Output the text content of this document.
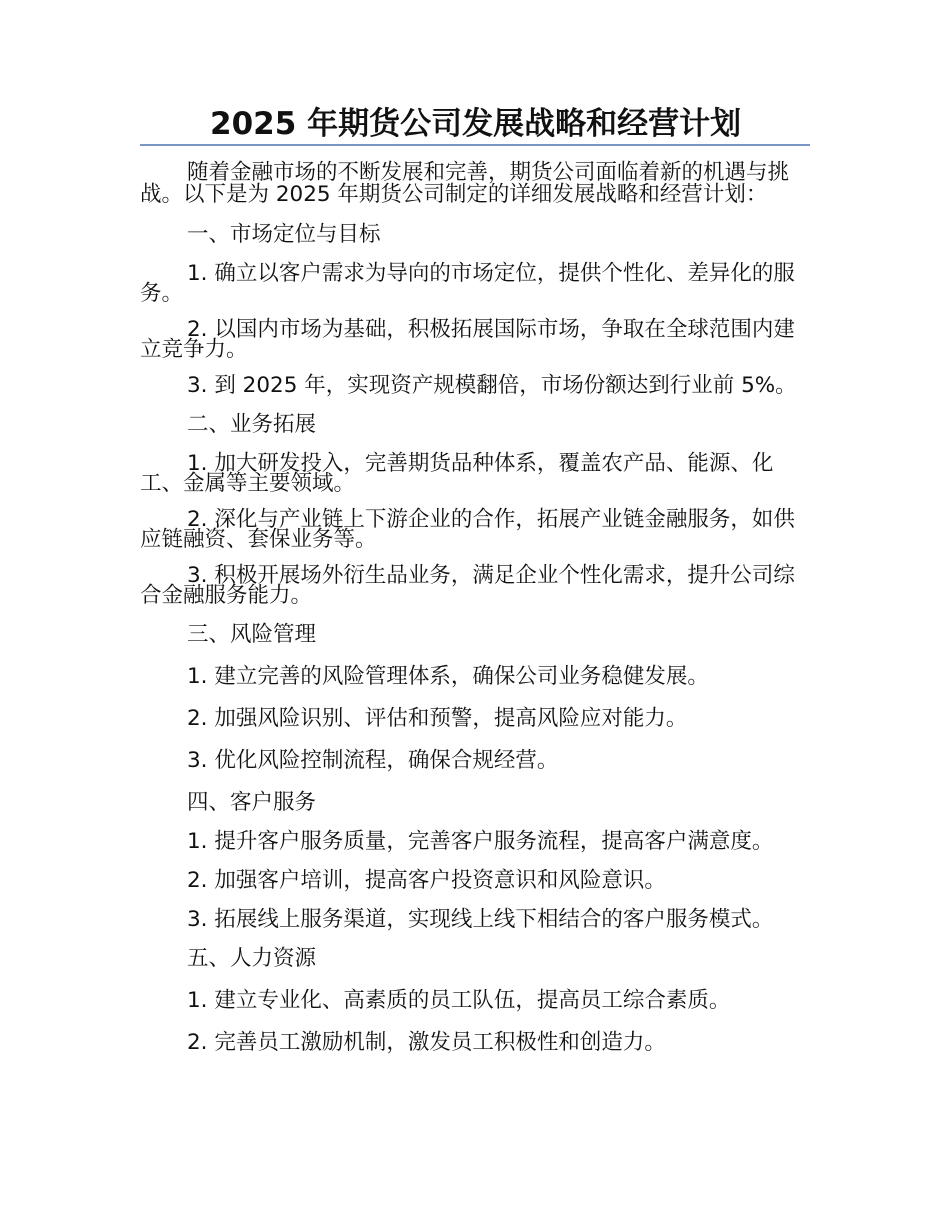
2025 年期货公司发展战略和经营计划

随着金融市场的不断发展和完善，期货公司面临着新的机遇与挑战。以下是为 2025 年期货公司制定的详细发展战略和经营计划：

一、市场定位与目标

1. 确立以客户需求为导向的市场定位，提供个性化、差异化的服务。

2. 以国内市场为基础，积极拓展国际市场，争取在全球范围内建立竞争力。

3. 到 2025 年，实现资产规模翻倍，市场份额达到行业前 5%。

二、业务拓展

1. 加大研发投入，完善期货品种体系，覆盖农产品、能源、化工、金属等主要领域。

2. 深化与产业链上下游企业的合作，拓展产业链金融服务，如供应链融资、套保业务等。

3. 积极开展场外衍生品业务，满足企业个性化需求，提升公司综合金融服务能力。

三、风险管理

1. 建立完善的风险管理体系，确保公司业务稳健发展。

2. 加强风险识别、评估和预警，提高风险应对能力。

3. 优化风险控制流程，确保合规经营。

四、客户服务

1. 提升客户服务质量，完善客户服务流程，提高客户满意度。

2. 加强客户培训，提高客户投资意识和风险意识。

3. 拓展线上服务渠道，实现线上线下相结合的客户服务模式。

五、人力资源

1. 建立专业化、高素质的员工队伍，提高员工综合素质。

2. 完善员工激励机制，激发员工积极性和创造力。
